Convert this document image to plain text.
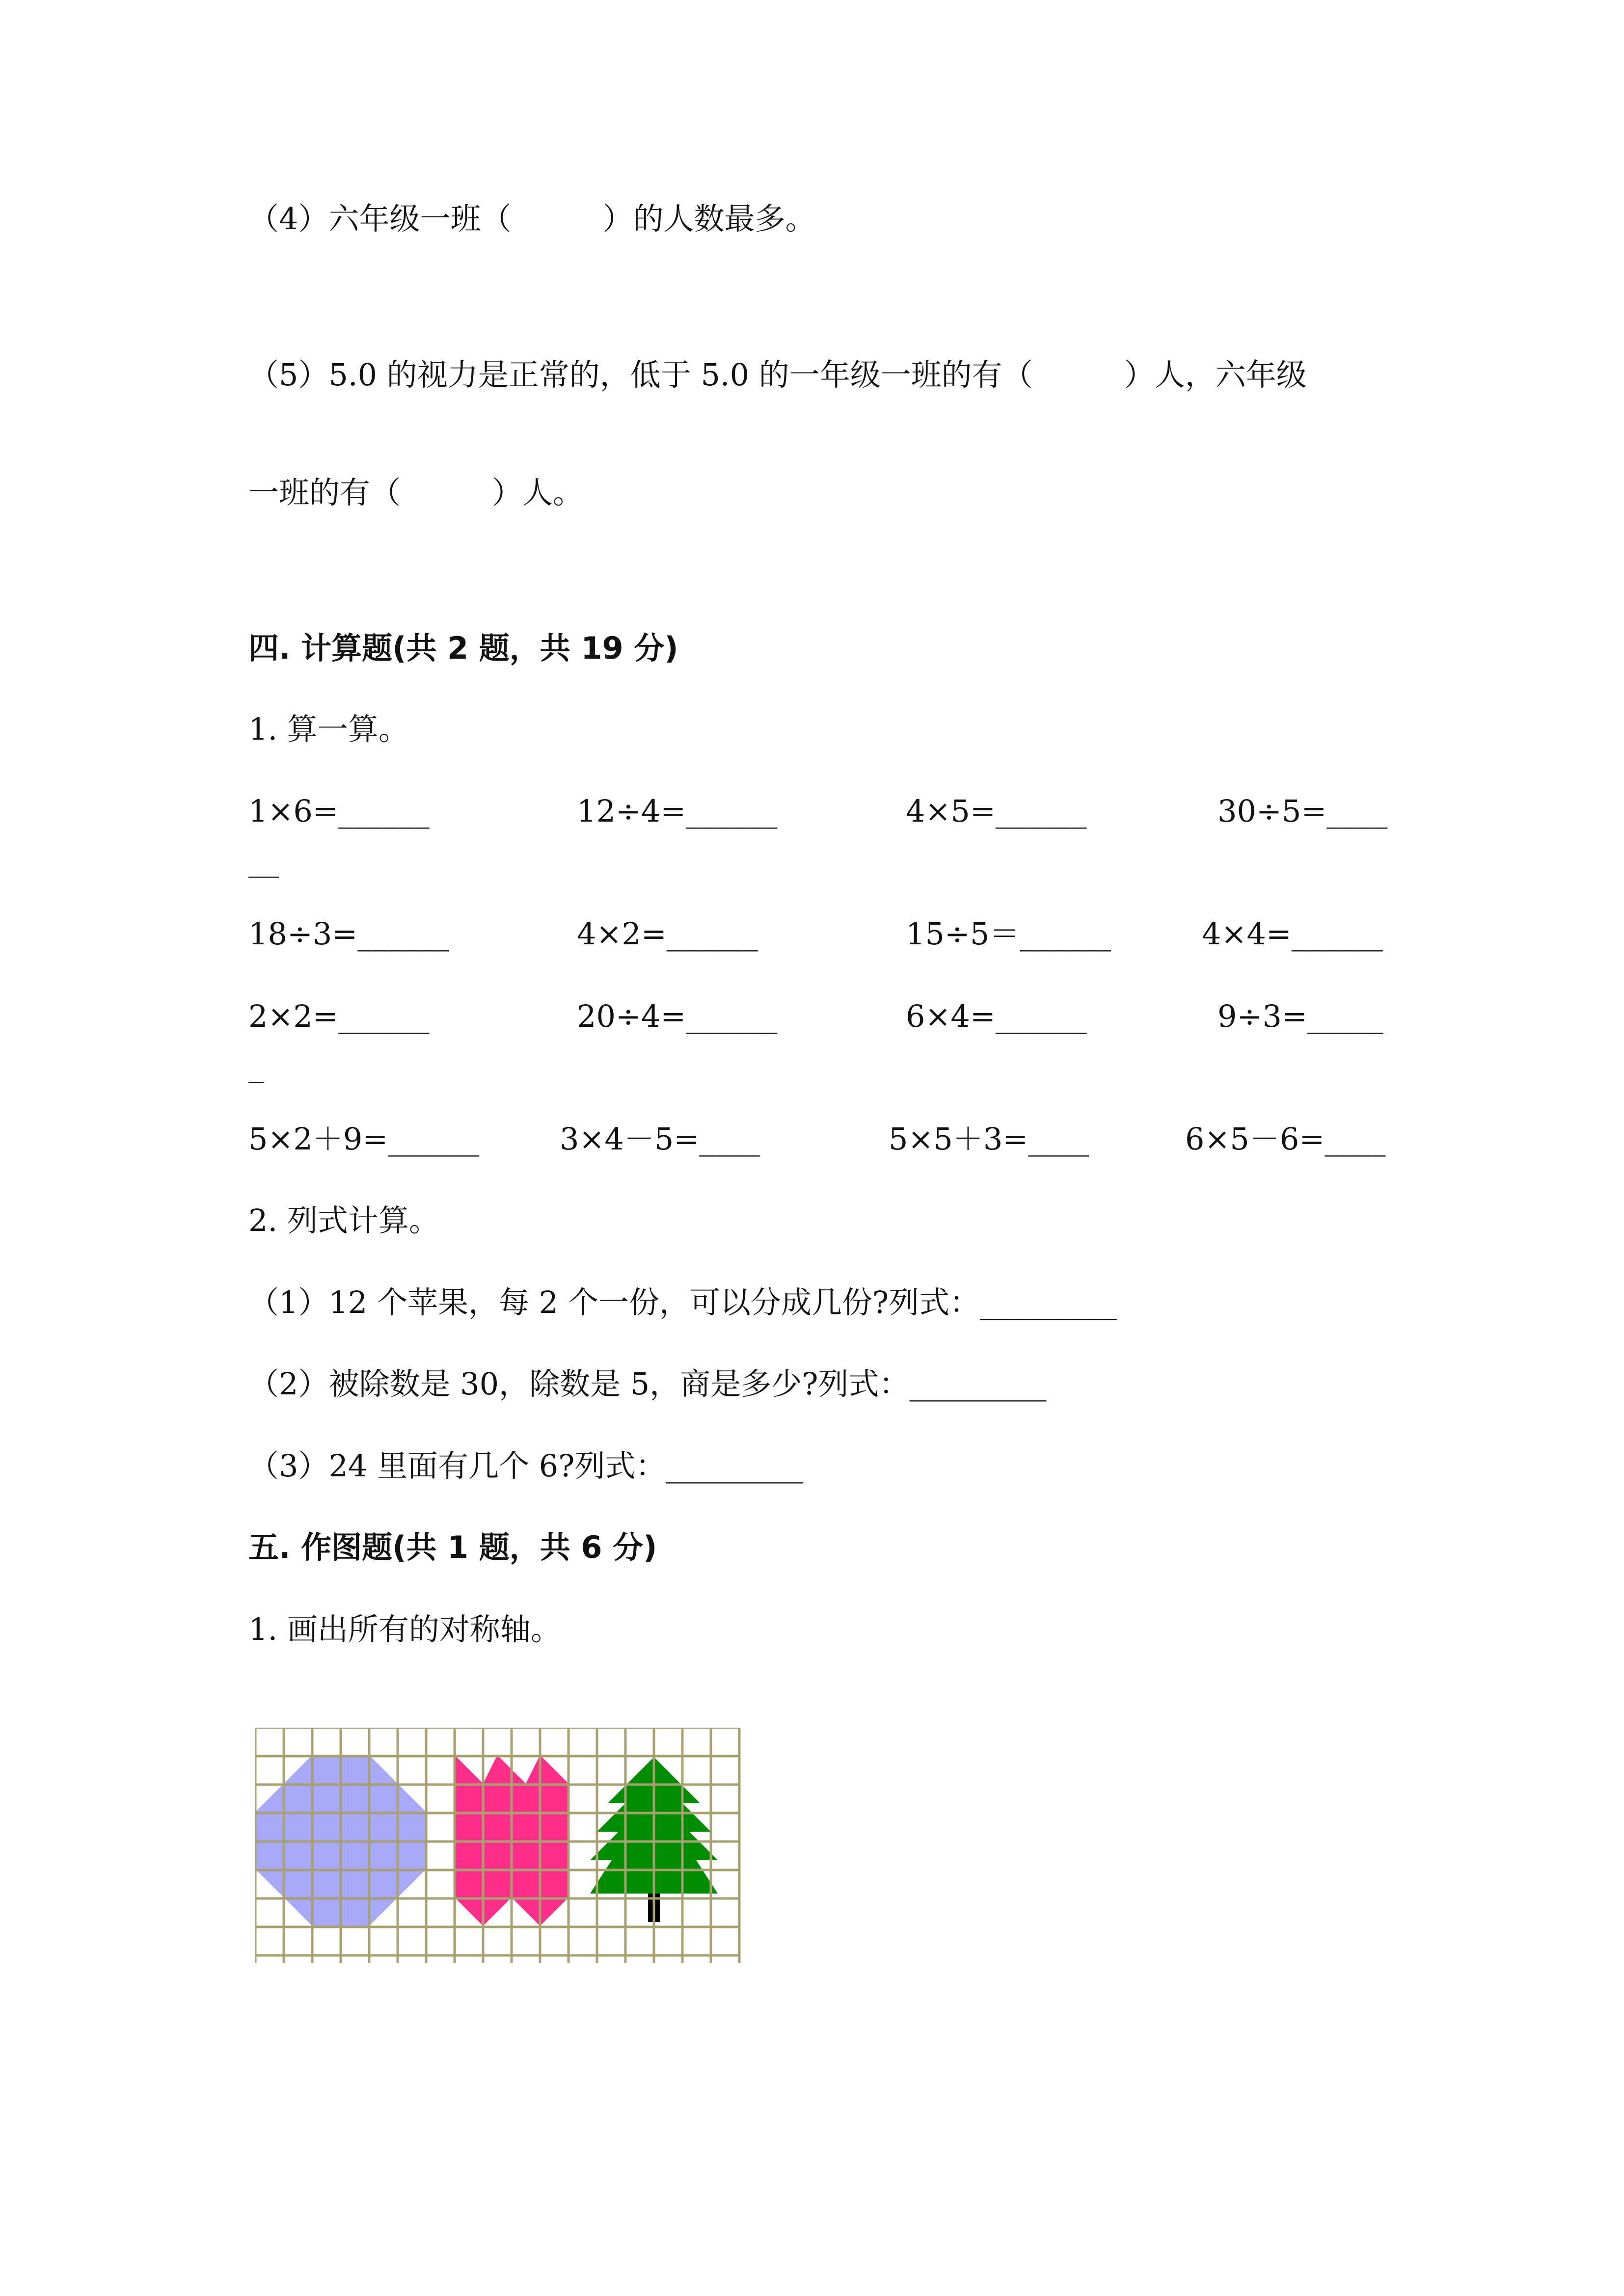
（4）六年级一班（　　　）的人数最多。
（5）5.0 的视力是正常的，低于 5.0 的一年级一班的有（　　　）人，六年级
一班的有（　　　）人。
四. 计算题(共 2 题，共 19 分)
1. 算一算。
1×6=______	12÷4=______	4×5=______	30÷5=____
__
18÷3=______	4×2=______	15÷5＝______	4×4=______
2×2=______	20÷4=______	6×4=______	9÷3=_____
_
5×2＋9=______	3×4－5=____	5×5＋3=____	6×5－6=____
2. 列式计算。
（1）12 个苹果，每 2 个一份，可以分成几份?列式：_________
（2）被除数是 30，除数是 5，商是多少?列式：_________
（3）24 里面有几个 6?列式：_________
五. 作图题(共 1 题，共 6 分)
1. 画出所有的对称轴。
